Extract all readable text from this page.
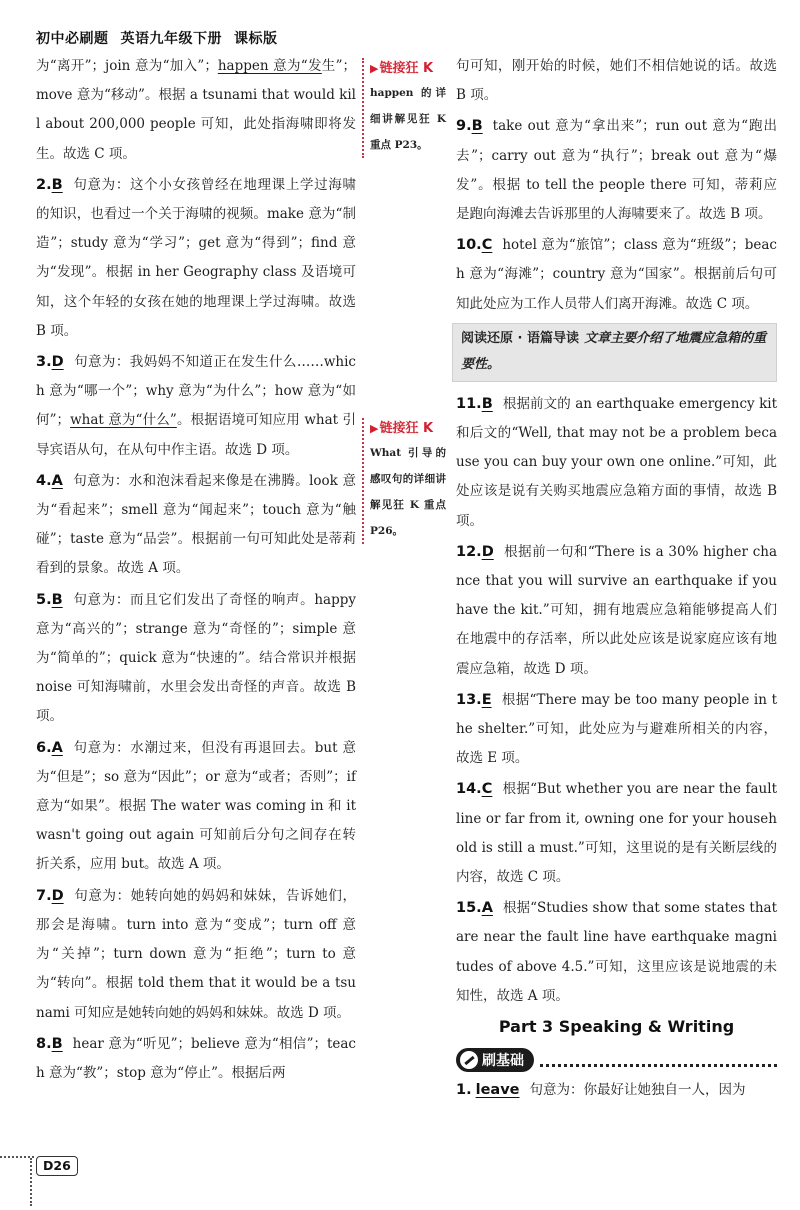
初中必刷题 英语九年级下册 课标版

为“离开”；join 意为“加入”；happen 意为“发生”；move 意为“移动”。根据 a tsunami that would kill about 200,000 people 可知，此处指海啸即将发生。故选 C 项。

2.B 句意为：这个小女孩曾经在地理课上学过海啸的知识，也看过一个关于海啸的视频。make 意为“制造”；study 意为“学习”；get 意为“得到”；find 意为“发现”。根据 in her Geography class 及语境可知，这个年轻的女孩在她的地理课上学过海啸。故选 B 项。

3.D 句意为：我妈妈不知道正在发生什么……which 意为“哪一个”；why 意为“为什么”；how 意为“如何”；what 意为“什么”。根据语境可知应用 what 引导宾语从句，在从句中作主语。故选 D 项。

4.A 句意为：水和泡沫看起来像是在沸腾。look 意为“看起来”；smell 意为“闻起来”；touch 意为“触碰”；taste 意为“品尝”。根据前一句可知此处是蒂莉看到的景象。故选 A 项。

5.B 句意为：而且它们发出了奇怪的响声。happy 意为“高兴的”；strange 意为“奇怪的”；simple 意为“简单的”；quick 意为“快速的”。结合常识并根据 noise 可知海啸前，水里会发出奇怪的声音。故选 B 项。

6.A 句意为：水潮过来，但没有再退回去。but 意为“但是”；so 意为“因此”；or 意为“或者；否则”；if 意为“如果”。根据 The water was coming in 和 it wasn't going out again 可知前后分句之间存在转折关系，应用 but。故选 A 项。

7.D 句意为：她转向她的妈妈和妹妹，告诉她们，那会是海啸。turn into 意为“变成”；turn off 意为“关掉”；turn down 意为“拒绝”；turn to 意为“转向”。根据 told them that it would be a tsunami 可知应是她转向她的妈妈和妹妹。故选 D 项。

8.B hear 意为“听见”；believe 意为“相信”；teach 意为“教”；stop 意为“停止”。根据后两

▶链接狂 K
happen 的详细讲解见狂 K 重点 P23。
▶链接狂 K
What 引导的感叹句的详细讲解见狂 K 重点 P26。

句可知，刚开始的时候，她们不相信她说的话。故选 B 项。

9.B take out 意为“拿出来”；run out 意为“跑出去”；carry out 意为“执行”；break out 意为“爆发”。根据 to tell the people there 可知，蒂莉应是跑向海滩去告诉那里的人海啸要来了。故选 B 项。

10.C hotel 意为“旅馆”；class 意为“班级”；beach 意为“海滩”；country 意为“国家”。根据前后句可知此处应为工作人员带人们离开海滩。故选 C 项。

阅读还原 · 语篇导读 文章主要介绍了地震应急箱的重要性。

11.B 根据前文的 an earthquake emergency kit 和后文的“Well, that may not be a problem because you can buy your own one online.”可知，此处应该是说有关购买地震应急箱方面的事情，故选 B 项。

12.D 根据前一句和“There is a 30% higher chance that you will survive an earthquake if you have the kit.”可知，拥有地震应急箱能够提高人们在地震中的存活率，所以此处应该是说家庭应该有地震应急箱，故选 D 项。

13.E 根据“There may be too many people in the shelter.”可知，此处应为与避难所相关的内容，故选 E 项。

14.C 根据“But whether you are near the fault line or far from it, owning one for your household is still a must.”可知，这里说的是有关断层线的内容，故选 C 项。

15.A 根据“Studies show that some states that are near the fault line have earthquake magnitudes of above 4.5.”可知，这里应该是说地震的未知性，故选 A 项。

Part 3 Speaking & Writing
刷基础

1. leave 句意为：你最好让她独自一人，因为

D26
